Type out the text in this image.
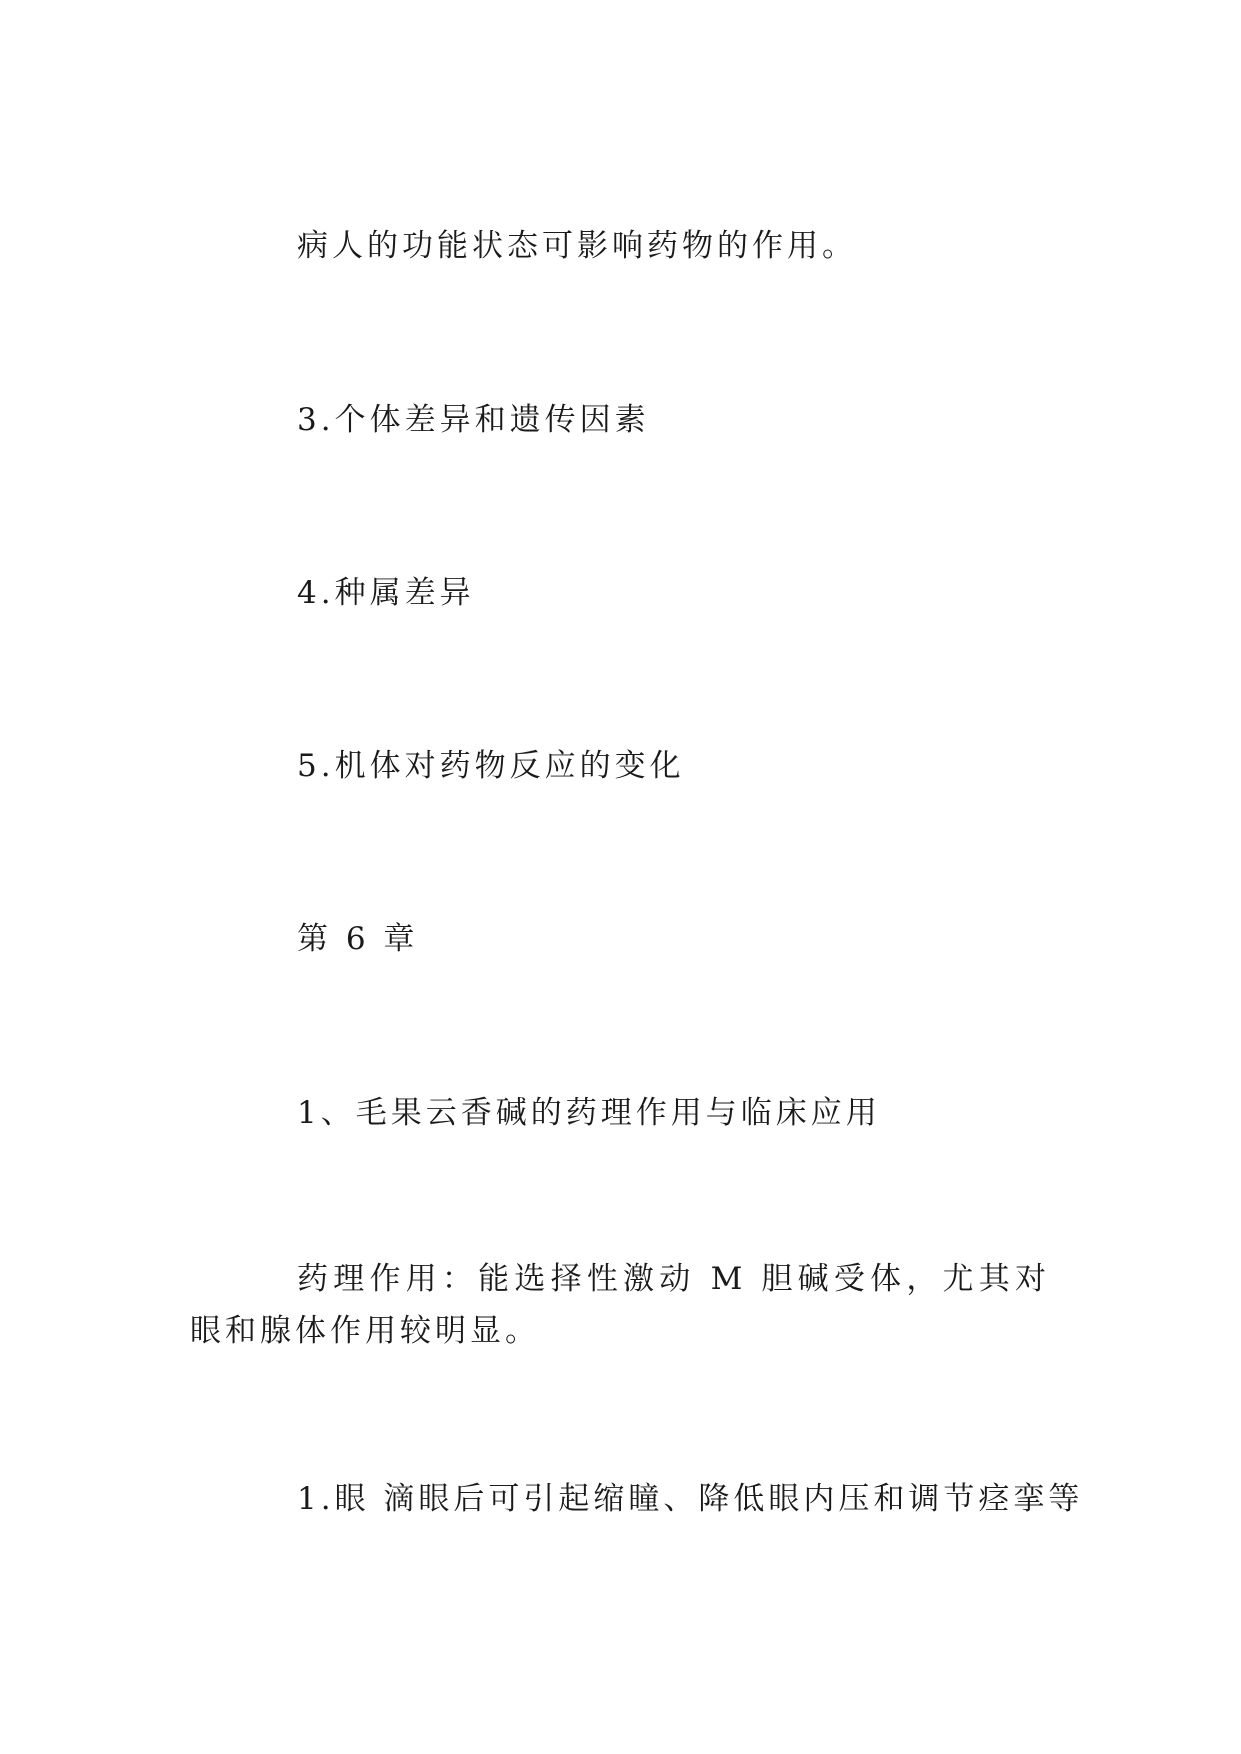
病人的功能状态可影响药物的作用。
3.个体差异和遗传因素
4.种属差异
5.机体对药物反应的变化
第 6 章
1、毛果云香碱的药理作用与临床应用
药理作用：能选择性激动 M 胆碱受体，尤其对眼和腺体作用较明显。
1.眼 滴眼后可引起缩瞳、降低眼内压和调节痉挛等
